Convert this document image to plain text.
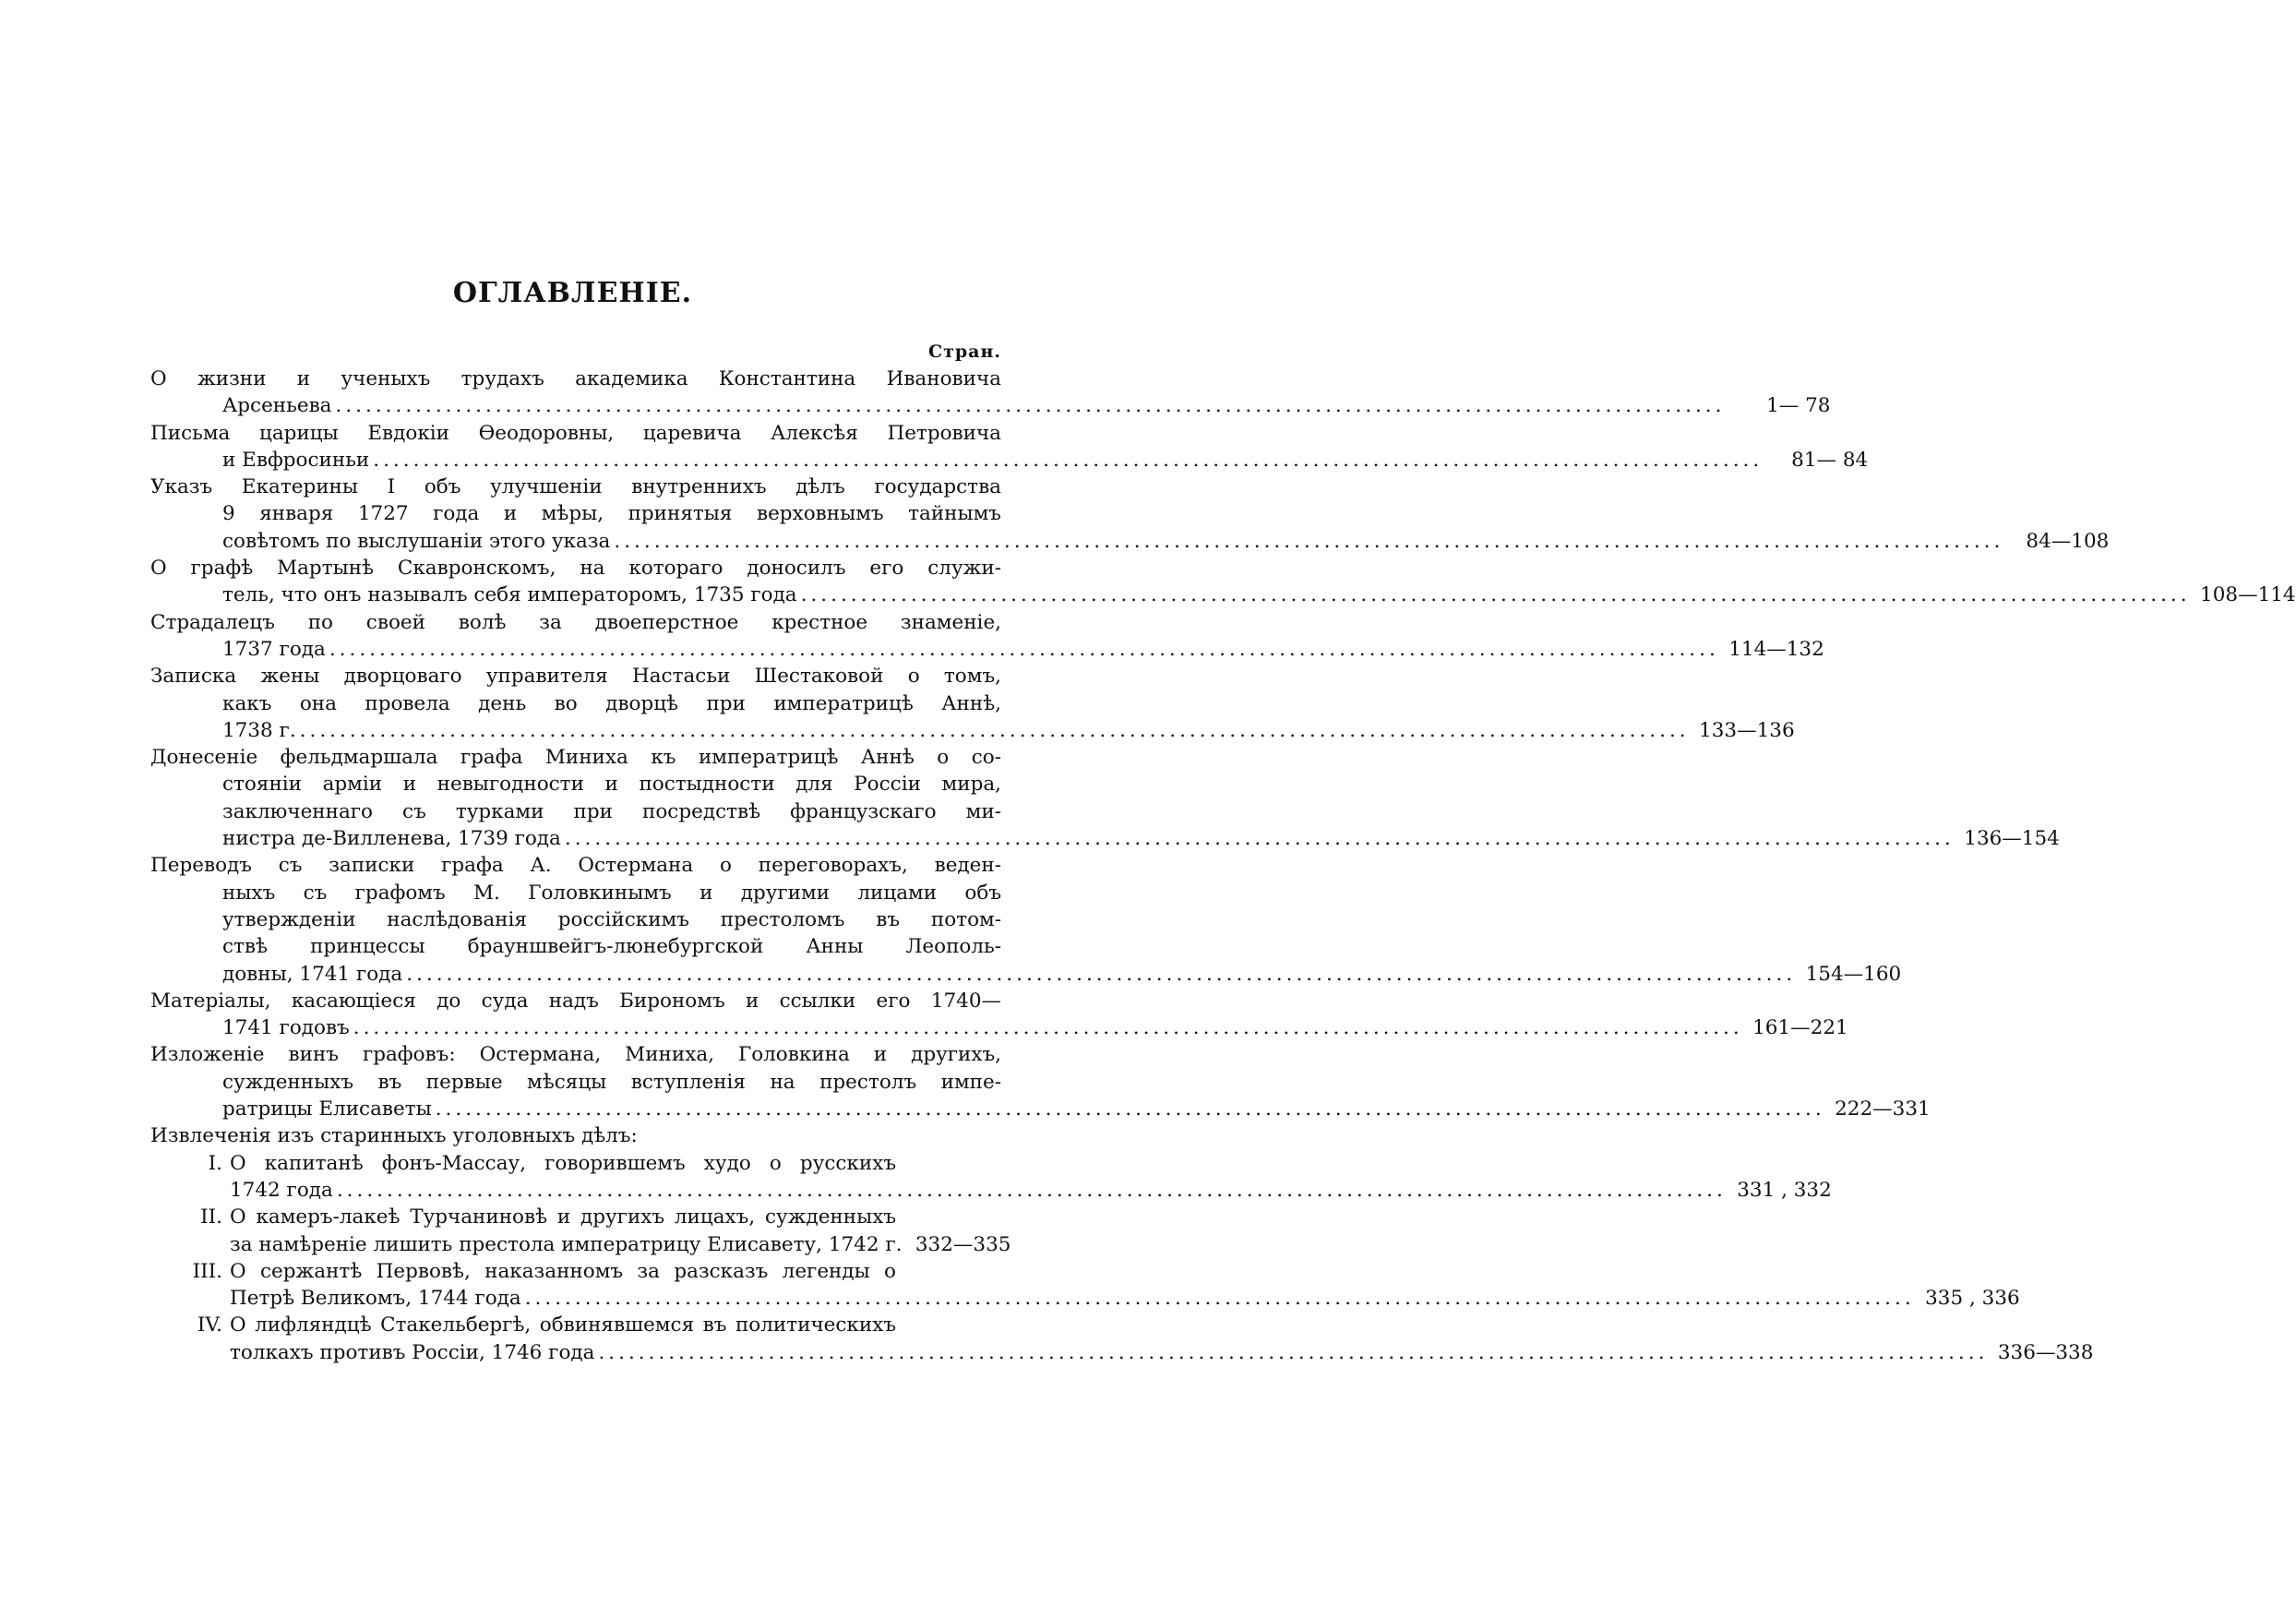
ОГЛАВЛЕНІЕ.
Стран.
О жизни и ученыхъ трудахъ академика Константина Ивановича
Арсеньева ...........................................................................................................................................	1— 78
Письма царицы Евдокіи Ѳеодоровны, царевича Алексѣя Петровича
и Евфросиньи ...........................................................................................................................................	81— 84
Указъ Екатерины I объ улучшеніи внутреннихъ дѣлъ государства
9 января 1727 года и мѣры, принятыя верховнымъ тайнымъ
совѣтомъ по выслушаніи этого указа ...........................................................................................................................................	84—108
О графѣ Мартынѣ Скавронскомъ, на котораго доносилъ его служи-
тель, что онъ называлъ себя императоромъ, 1735 года ........................................................................................................................................... 108—114
Страдалецъ по своей волѣ за двоеперстное крестное знаменіе,
1737 года ........................................................................................................................................... 114—132
Записка жены дворцоваго управителя Настасьи Шестаковой о томъ,
какъ она провела день во дворцѣ при императрицѣ Аннѣ,
1738 г. ........................................................................................................................................... 133—136
Донесеніе фельдмаршала графа Миниха къ императрицѣ Аннѣ о со-
стояніи арміи и невыгодности и постыдности для Россіи мира,
заключеннаго съ турками при посредствѣ французскаго ми-
нистра де-Вилленева, 1739 года ........................................................................................................................................... 136—154
Переводъ съ записки графа А. Остермана о переговорахъ, веден-
ныхъ съ графомъ М. Головкинымъ и другими лицами объ
утвержденіи наслѣдованія россійскимъ престоломъ въ потом-
ствѣ принцессы брауншвейгъ-люнебургской Анны Леополь-
довны, 1741 года ........................................................................................................................................... 154—160
Матеріалы, касающіеся до суда надъ Бирономъ и ссылки его 1740—
1741 годовъ ........................................................................................................................................... 161—221
Изложеніе винъ графовъ: Остермана, Миниха, Головкина и другихъ,
сужденныхъ въ первые мѣсяцы вступленія на престолъ импе-
ратрицы Елисаветы ........................................................................................................................................... 222—331
Извлеченія изъ старинныхъ уголовныхъ дѣлъ:
I. О капитанѣ фонъ-Массау, говорившемъ худо о русскихъ
1742 года ........................................................................................................................................... 331 , 332
II. О камеръ-лакеѣ Турчаниновѣ и другихъ лицахъ, сужденныхъ
за намѣреніе лишить престола императрицу Елисавету, 1742 г. 332—335
III. О сержантѣ Первовѣ, наказанномъ за разсказъ легенды о
Петрѣ Великомъ, 1744 года ........................................................................................................................................... 335 , 336
IV. О лифляндцѣ Стакельбергѣ, обвинявшемся въ политическихъ
толкахъ противъ Россіи, 1746 года ........................................................................................................................................... 336—338
